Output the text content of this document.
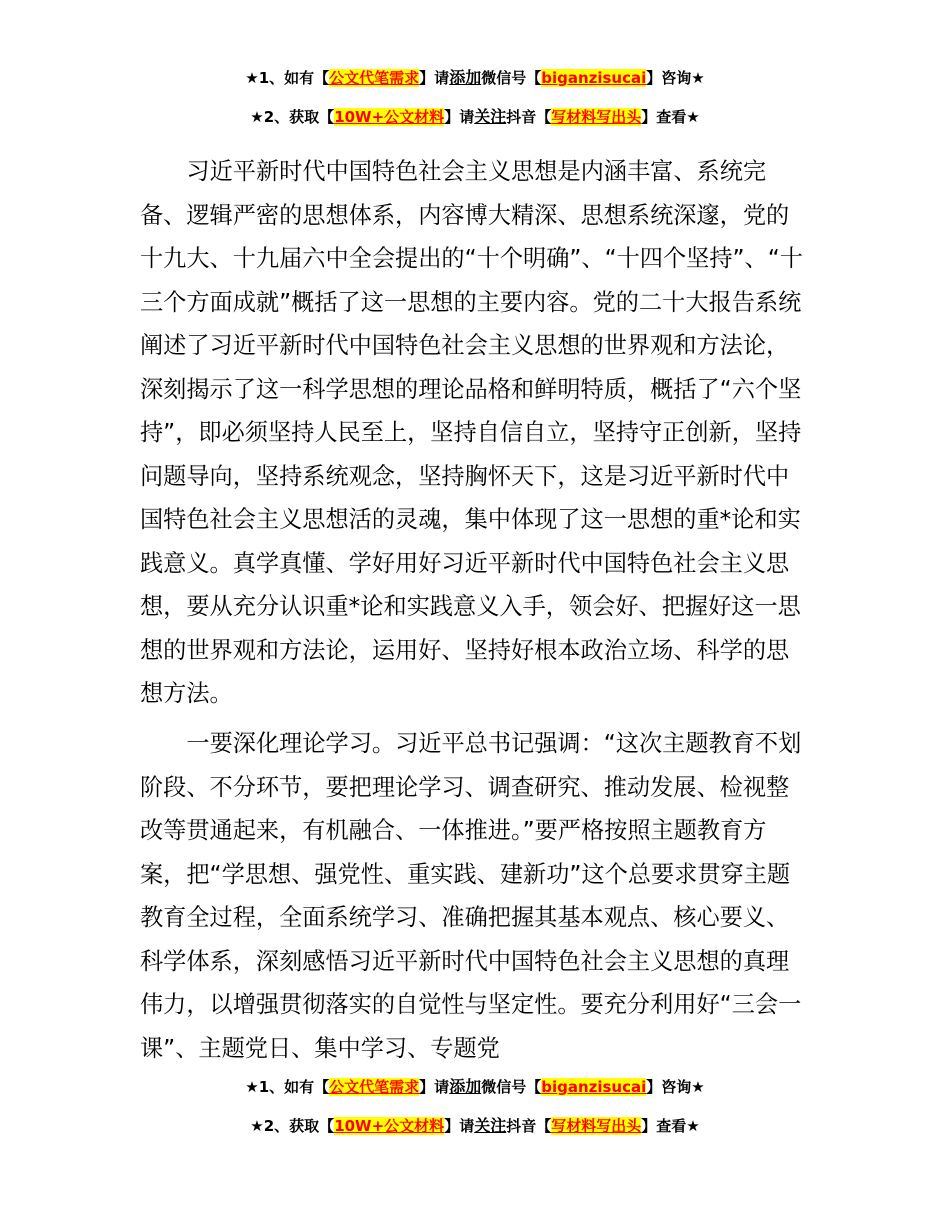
★1、如有【公文代笔需求】请添加微信号【biganzisucai】咨询★
★2、获取【10W+公文材料】请关注抖音【写材料写出头】查看★

习近平新时代中国特色社会主义思想是内涵丰富、系统完备、逻辑严密的思想体系，内容博大精深、思想系统深邃，党的十九大、十九届六中全会提出的“十个明确”、“十四个坚持”、“十三个方面成就”概括了这一思想的主要内容。党的二十大报告系统阐述了习近平新时代中国特色社会主义思想的世界观和方法论，深刻揭示了这一科学思想的理论品格和鲜明特质，概括了“六个坚持”，即必须坚持人民至上，坚持自信自立，坚持守正创新，坚持问题导向，坚持系统观念，坚持胸怀天下，这是习近平新时代中国特色社会主义思想活的灵魂，集中体现了这一思想的重*论和实践意义。真学真懂、学好用好习近平新时代中国特色社会主义思想，要从充分认识重*论和实践意义入手，领会好、把握好这一思想的世界观和方法论，运用好、坚持好根本政治立场、科学的思想方法。

一要深化理论学习。习近平总书记强调：“这次主题教育不划阶段、不分环节，要把理论学习、调查研究、推动发展、检视整改等贯通起来，有机融合、一体推进。”要严格按照主题教育方案，把“学思想、强党性、重实践、建新功”这个总要求贯穿主题教育全过程，全面系统学习、准确把握其基本观点、核心要义、科学体系，深刻感悟习近平新时代中国特色社会主义思想的真理伟力，以增强贯彻落实的自觉性与坚定性。要充分利用好“三会一课”、主题党日、集中学习、专题党

★1、如有【公文代笔需求】请添加微信号【biganzisucai】咨询★
★2、获取【10W+公文材料】请关注抖音【写材料写出头】查看★
